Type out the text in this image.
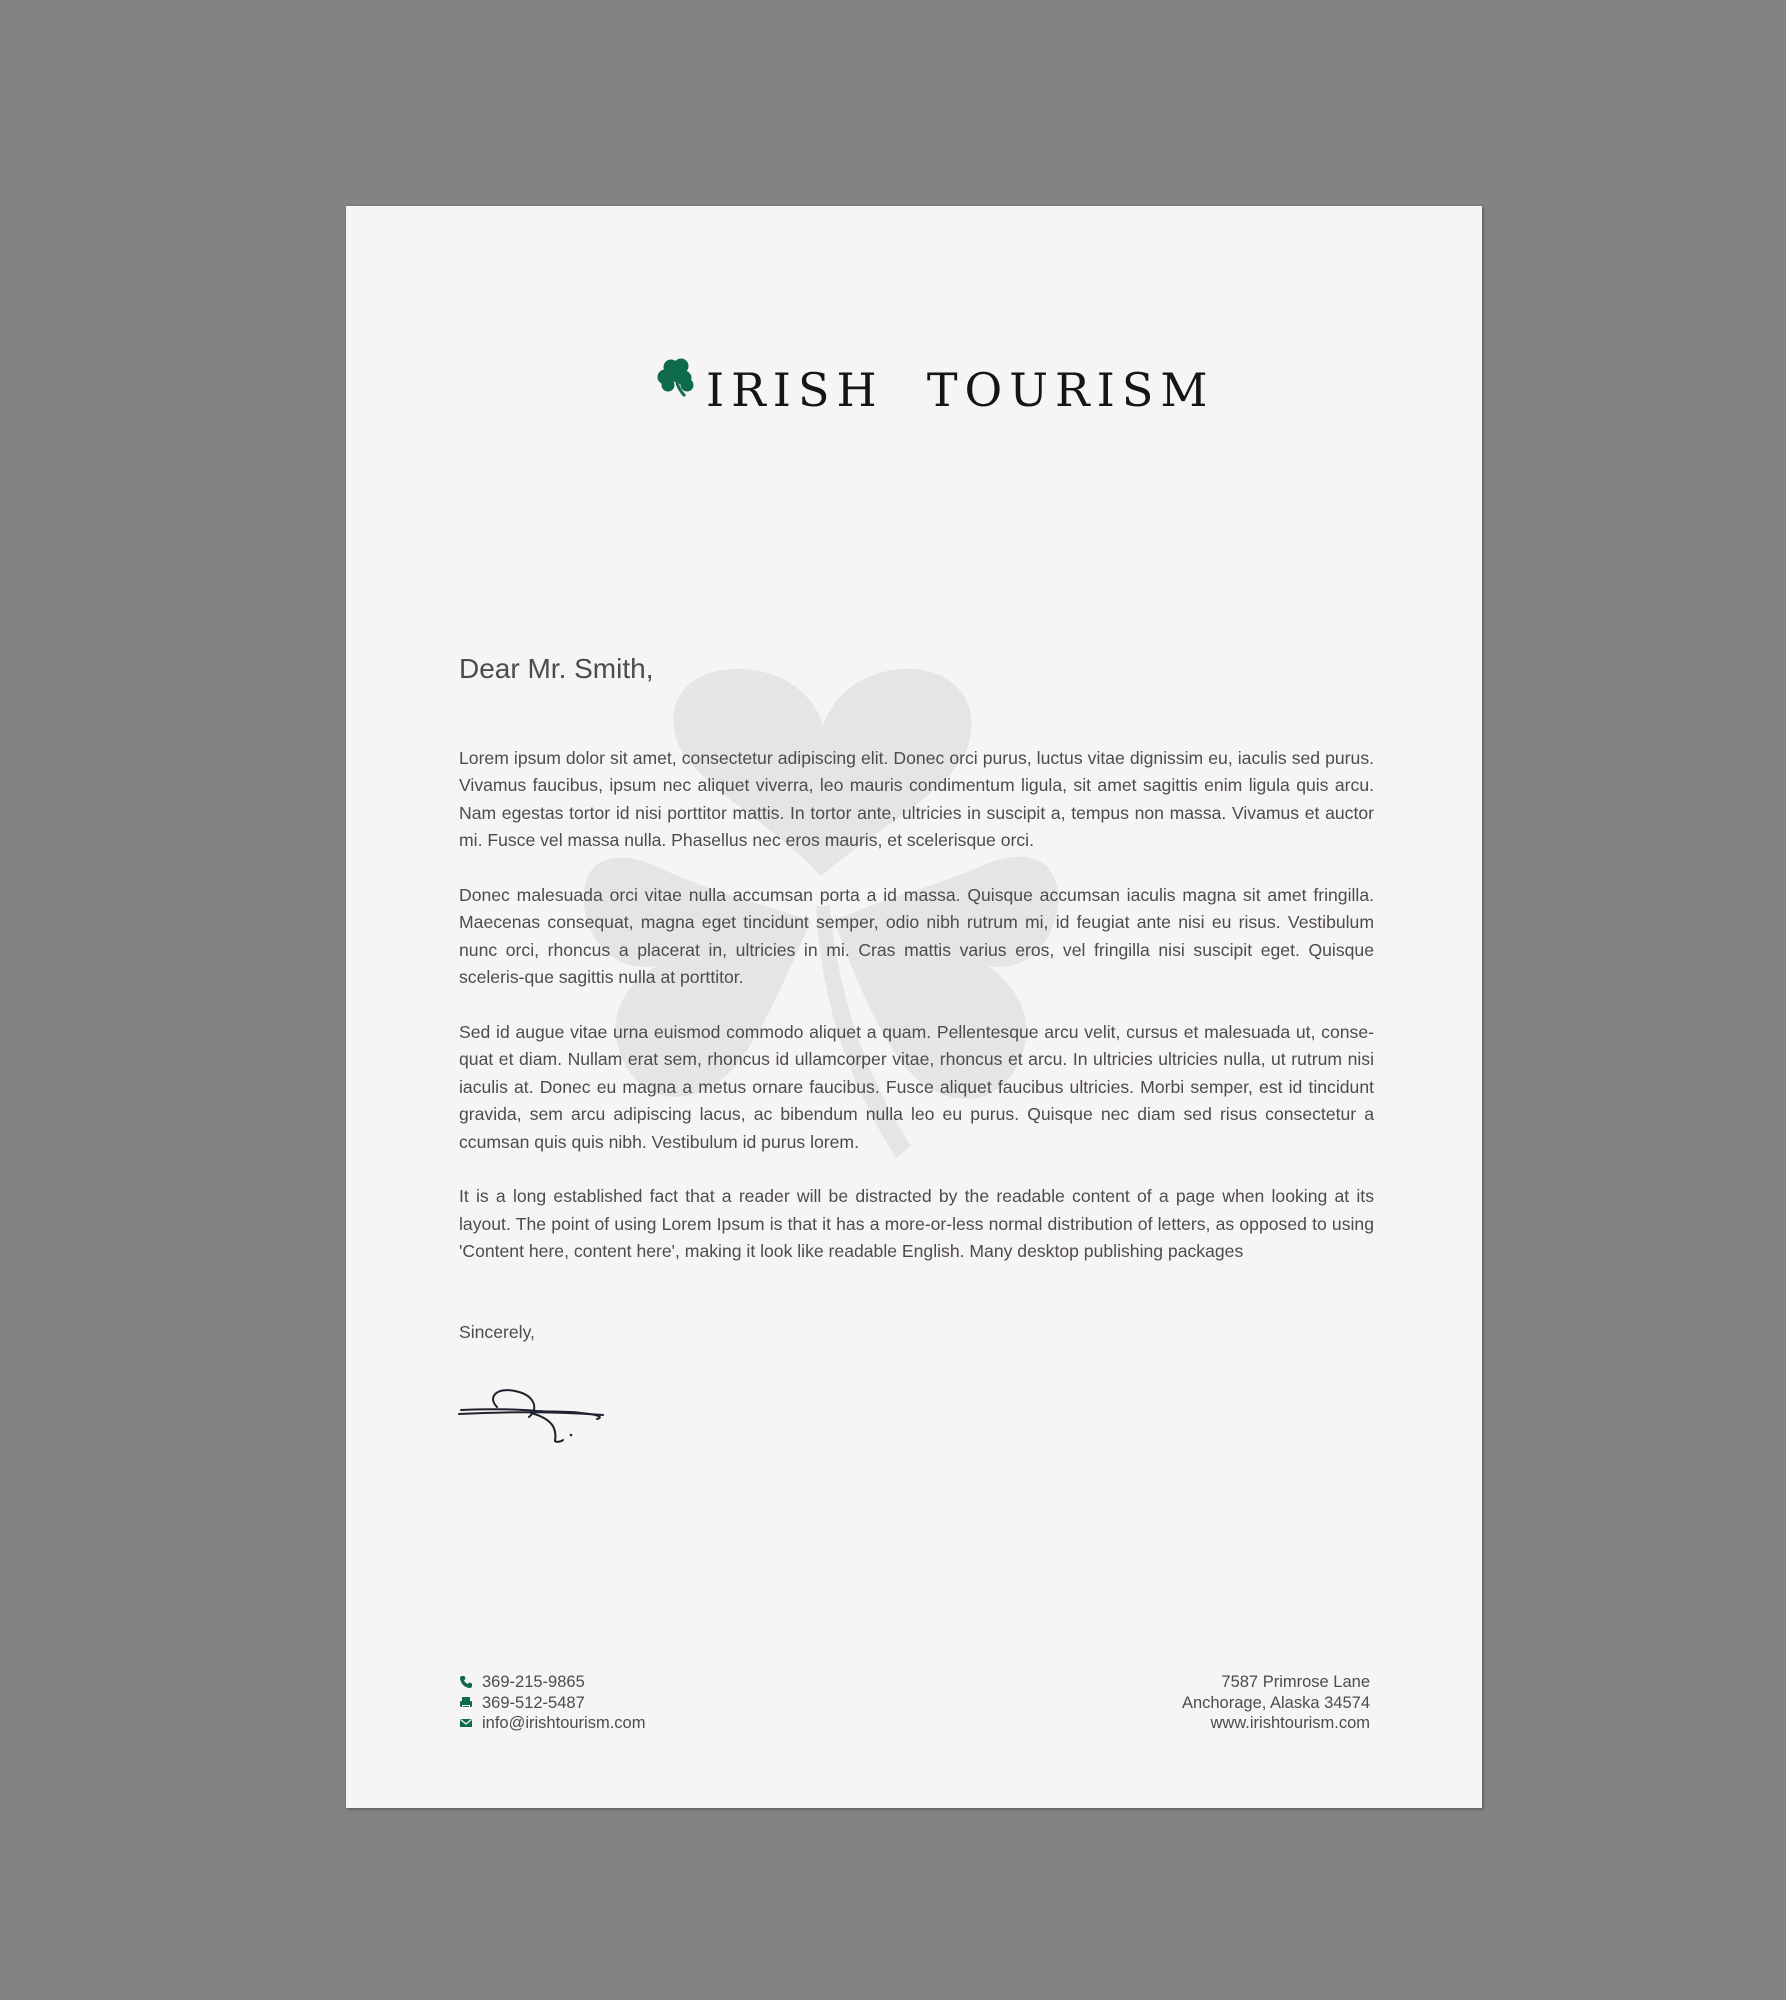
IRISH  TOURISM
Dear Mr. Smith,

Lorem ipsum dolor sit amet, consectetur adipiscing elit. Donec orci purus, luctus vitae dignissim eu, iaculis sed purus. Vivamus faucibus, ipsum nec aliquet viverra, leo mauris condimentum ligula, sit amet sagittis enim ligula quis arcu. Nam egestas tortor id nisi porttitor mattis. In tortor ante, ultricies in suscipit a, tempus non massa. Vivamus et auctor mi. Fusce vel massa nulla. Phasellus nec eros mauris, et scelerisque orci.

Donec malesuada orci vitae nulla accumsan porta a id massa. Quisque accumsan iaculis magna sit amet fringilla. Maecenas consequat, magna eget tincidunt semper, odio nibh rutrum mi, id feugiat ante nisi eu risus. Vestibulum nunc orci, rhoncus a placerat in, ultricies in mi. Cras mattis varius eros, vel fringilla nisi suscipit eget. Quisque sceleris-que sagittis nulla at porttitor.

Sed id augue vitae urna euismod commodo aliquet a quam. Pellentesque arcu velit, cursus et malesuada ut, conse-quat et diam. Nullam erat sem, rhoncus id ullamcorper vitae, rhoncus et arcu. In ultricies ultricies nulla, ut rutrum nisi iaculis at. Donec eu magna a metus ornare faucibus. Fusce aliquet faucibus ultricies. Morbi semper, est id tincidunt gravida, sem arcu adipiscing lacus, ac bibendum nulla leo eu purus. Quisque nec diam sed risus consectetur a ccumsan quis quis nibh. Vestibulum id purus lorem.

It is a long established fact that a reader will be distracted by the readable content of a page when looking at its layout. The point of using Lorem Ipsum is that it has a more-or-less normal distribution of letters, as opposed to using 'Content here, content here', making it look like readable English. Many desktop publishing packages

Sincerely,
369-215-9865
369-512-5487
info@irishtourism.com
7587 Primrose Lane
Anchorage, Alaska 34574
www.irishtourism.com
